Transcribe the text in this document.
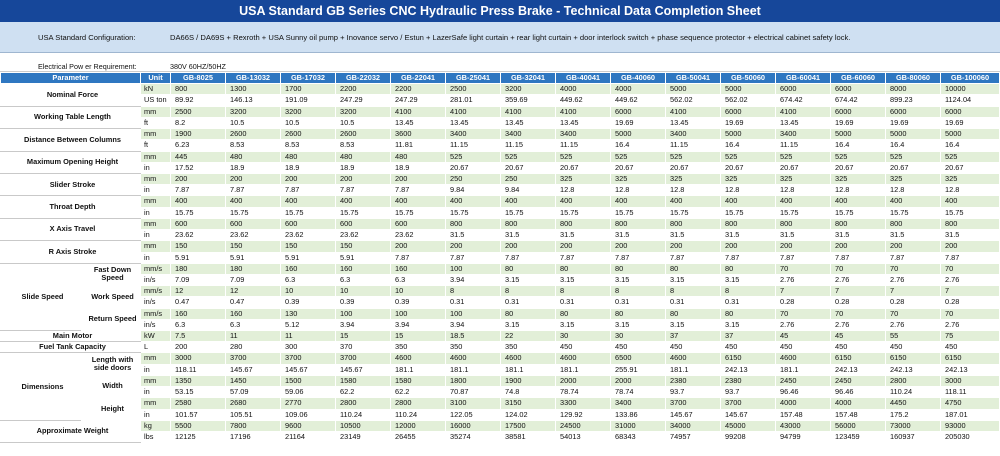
USA Standard GB Series CNC Hydraulic Press Brake - Technical Data Completion Sheet
USA Standard Configuration:	DA66S / DA69S + Rexroth + USA Sunny oil pump + Inovance servo / Estun + LazerSafe light curtain + rear light curtain + door interlock switch + phase sequence protector + electrical cabinet safety lock.
Electrical Pow er Requirement:	380V 60HZ/50HZ
Parameter		Unit	GB-8025	GB-13032	GB-17032	GB-22032	GB-22041	GB-25041	GB-32041	GB-40041	GB-40060	GB-50041	GB-50060	GB-60041	GB-60060	GB-80060	GB-100060
Nominal Force		kN	800	1300	1700	2200	2200	2500	3200	4000	4000	5000	5000	6000	6000	8000	10000
		US ton	89.92	146.13	191.09	247.29	247.29	281.01	359.69	449.62	449.62	562.02	562.02	674.42	674.42	899.23	1124.04
Working Table Length		mm	2500	3200	3200	3200	4100	4100	4100	4100	6000	4100	6000	4100	6000	6000	6000
		ft	8.2	10.5	10.5	10.5	13.45	13.45	13.45	13.45	19.69	13.45	19.69	13.45	19.69	19.69	19.69
Distance Between Columns		mm	1900	2600	2600	2600	3600	3400	3400	3400	5000	3400	5000	3400	5000	5000	5000
		ft	6.23	8.53	8.53	8.53	11.81	11.15	11.15	11.15	16.4	11.15	16.4	11.15	16.4	16.4	16.4
Maximum Opening Height		mm	445	480	480	480	480	525	525	525	525	525	525	525	525	525	525
		in	17.52	18.9	18.9	18.9	18.9	20.67	20.67	20.67	20.67	20.67	20.67	20.67	20.67	20.67	20.67
Slider Stroke		mm	200	200	200	200	200	250	250	325	325	325	325	325	325	325	325
		in	7.87	7.87	7.87	7.87	7.87	9.84	9.84	12.8	12.8	12.8	12.8	12.8	12.8	12.8	12.8
Throat Depth		mm	400	400	400	400	400	400	400	400	400	400	400	400	400	400	400
		in	15.75	15.75	15.75	15.75	15.75	15.75	15.75	15.75	15.75	15.75	15.75	15.75	15.75	15.75	15.75
X Axis Travel		mm	600	600	600	600	600	800	800	800	800	800	800	800	800	800	800
		in	23.62	23.62	23.62	23.62	23.62	31.5	31.5	31.5	31.5	31.5	31.5	31.5	31.5	31.5	31.5
R Axis Stroke		mm	150	150	150	150	200	200	200	200	200	200	200	200	200	200	200
		in	5.91	5.91	5.91	5.91	7.87	7.87	7.87	7.87	7.87	7.87	7.87	7.87	7.87	7.87	7.87
Slide Speed	Fast Down Speed	mm/s	180	180	160	160	160	100	80	80	80	80	80	70	70	70	70
		in/s	7.09	7.09	6.3	6.3	6.3	3.94	3.15	3.15	3.15	3.15	3.15	2.76	2.76	2.76	2.76
	Work Speed	mm/s	12	12	10	10	10	8	8	8	8	8	8	7	7	7	7
		in/s	0.47	0.47	0.39	0.39	0.39	0.31	0.31	0.31	0.31	0.31	0.31	0.28	0.28	0.28	0.28
	Return Speed	mm/s	160	160	130	100	100	100	80	80	80	80	80	70	70	70	70
		in/s	6.3	6.3	5.12	3.94	3.94	3.94	3.15	3.15	3.15	3.15	3.15	2.76	2.76	2.76	2.76
Main Motor		kW	7.5	11	11	15	15	18.5	22	30	30	37	37	45	45	55	75
Fuel Tank Capacity		L	200	280	300	370	350	350	350	450	450	450	450	450	450	450	450
Dimensions	Length with side doors	mm	3000	3700	3700	3700	4600	4600	4600	4600	6500	4600	6150	4600	6150	6150	6150
		in	118.11	145.67	145.67	145.67	181.1	181.1	181.1	181.1	255.91	181.1	242.13	181.1	242.13	242.13	242.13
	Width	mm	1350	1450	1500	1580	1580	1800	1900	2000	2000	2380	2380	2450	2450	2800	3000
		in	53.15	57.09	59.06	62.2	62.2	70.87	74.8	78.74	78.74	93.7	93.7	96.46	96.46	110.24	118.11
	Height	mm	2580	2680	2770	2800	2800	3100	3150	3300	3400	3700	3700	4000	4000	4450	4750
		in	101.57	105.51	109.06	110.24	110.24	122.05	124.02	129.92	133.86	145.67	145.67	157.48	157.48	175.2	187.01
Approximate Weight		kg	5500	7800	9600	10500	12000	16000	17500	24500	31000	34000	45000	43000	56000	73000	93000
		lbs	12125	17196	21164	23149	26455	35274	38581	54013	68343	74957	99208	94799	123459	160937	205030
